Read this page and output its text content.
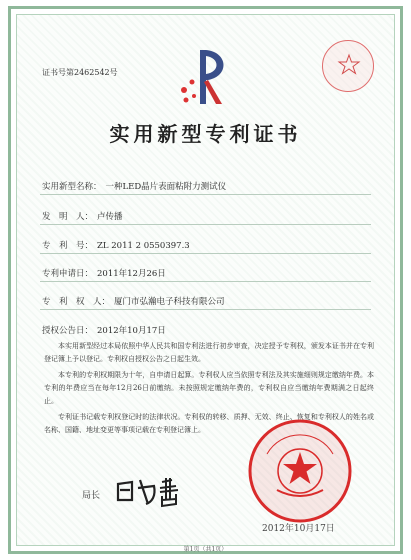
证书号第2462542号
实用新型专利证书
实用新型名称： 一种LED晶片表面粘附力测试仪
发　明　人： 卢传播
专　利　号： ZL 2011 2 0550397.3
专利申请日： 2011年12月26日
专　利　权　人： 厦门市弘瀚电子科技有限公司
授权公告日： 2012年10月17日

本实用新型经过本局依照中华人民共和国专利法进行初步审查，决定授予专利权，颁发本证书并在专利登记簿上予以登记。专利权自授权公告之日起生效。

本专利的专利权期限为十年，自申请日起算。专利权人应当依照专利法及其实施细则规定缴纳年费。本专利的年费应当在每年12月26日前缴纳。未按照规定缴纳年费的，专利权自应当缴纳年费期满之日起终止。

专利证书记载专利权登记时的法律状况。专利权的转移、质押、无效、终止、恢复和专利权人的姓名或名称、国籍、地址变更等事项记载在专利登记簿上。

局长
2012年10月17日
第1页（共1页）
